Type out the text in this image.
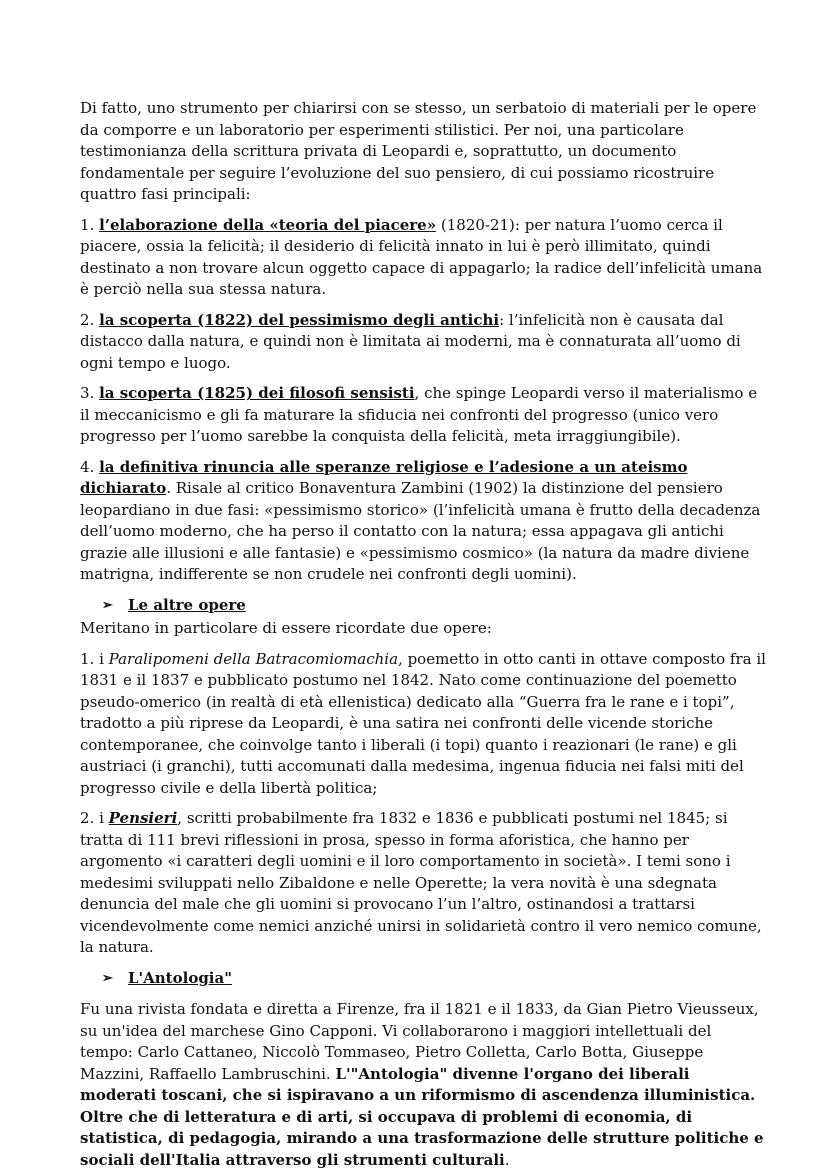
Di fatto, uno strumento per chiarirsi con se stesso, un serbatoio di materiali per le opere da comporre e un laboratorio per esperimenti stilistici. Per noi, una particolare testimonianza della scrittura privata di Leopardi e, soprattutto, un documento fondamentale per seguire l’evoluzione del suo pensiero, di cui possiamo ricostruire quattro fasi principali:

1. l’elaborazione della «teoria del piacere» (1820-21): per natura l’uomo cerca il piacere, ossia la felicità; il desiderio di felicità innato in lui è però illimitato, quindi destinato a non trovare alcun oggetto capace di appagarlo; la radice dell’infelicità umana è perciò nella sua stessa natura.

2. la scoperta (1822) del pessimismo degli antichi: l’infelicità non è causata dal distacco dalla natura, e quindi non è limitata ai moderni, ma è connaturata all’uomo di ogni tempo e luogo.

3. la scoperta (1825) dei filosofi sensisti, che spinge Leopardi verso il materialismo e il meccanicismo e gli fa maturare la sfiducia nei confronti del progresso (unico vero progresso per l’uomo sarebbe la conquista della felicità, meta irraggiungibile).

4. la definitiva rinuncia alle speranze religiose e l’adesione a un ateismo dichiarato. Risale al critico Bonaventura Zambini (1902) la distinzione del pensiero leopardiano in due fasi: «pessimismo storico» (l’infelicità umana è frutto della decadenza dell’uomo moderno, che ha perso il contatto con la natura; essa appagava gli antichi grazie alle illusioni e alle fantasie) e «pessimismo cosmico» (la natura da madre diviene matrigna, indifferente se non crudele nei confronti degli uomini).

➢	Le altre opere

Meritano in particolare di essere ricordate due opere:

1. i Paralipomeni della Batracomiomachia, poemetto in otto canti in ottave composto fra il 1831 e il 1837 e pubblicato postumo nel 1842. Nato come continuazione del poemetto pseudo-omerico (in realtà di età ellenistica) dedicato alla “Guerra fra le rane e i topi”, tradotto a più riprese da Leopardi, è una satira nei confronti delle vicende storiche contemporanee, che coinvolge tanto i liberali (i topi) quanto i reazionari (le rane) e gli austriaci (i granchi), tutti accomunati dalla medesima, ingenua fiducia nei falsi miti del progresso civile e della libertà politica;

2. i Pensieri, scritti probabilmente fra 1832 e 1836 e pubblicati postumi nel 1845; si tratta di 111 brevi riflessioni in prosa, spesso in forma aforistica, che hanno per argomento «i caratteri degli uomini e il loro comportamento in società». I temi sono i medesimi sviluppati nello Zibaldone e nelle Operette; la vera novità è una sdegnata denuncia del male che gli uomini si provocano l’un l’altro, ostinandosi a trattarsi vicendevolmente come nemici anziché unirsi in solidarietà contro il vero nemico comune, la natura.

➢	L'Antologia"

Fu una rivista fondata e diretta a Firenze, fra il 1821 e il 1833, da Gian Pietro Vieusseux, su un'idea del marchese Gino Capponi. Vi collaborarono i maggiori intellettuali del tempo: Carlo Cattaneo, Niccolò Tommaseo, Pietro Colletta, Carlo Botta, Giuseppe Mazzini, Raffaello Lambruschini. L'"Antologia" divenne l'organo dei liberali moderati toscani, che si ispiravano a un riformismo di ascendenza illuministica. Oltre che di letteratura e di arti, si occupava di problemi di economia, di statistica, di pedagogia, mirando a una trasformazione delle strutture politiche e sociali dell'Italia attraverso gli strumenti culturali.
